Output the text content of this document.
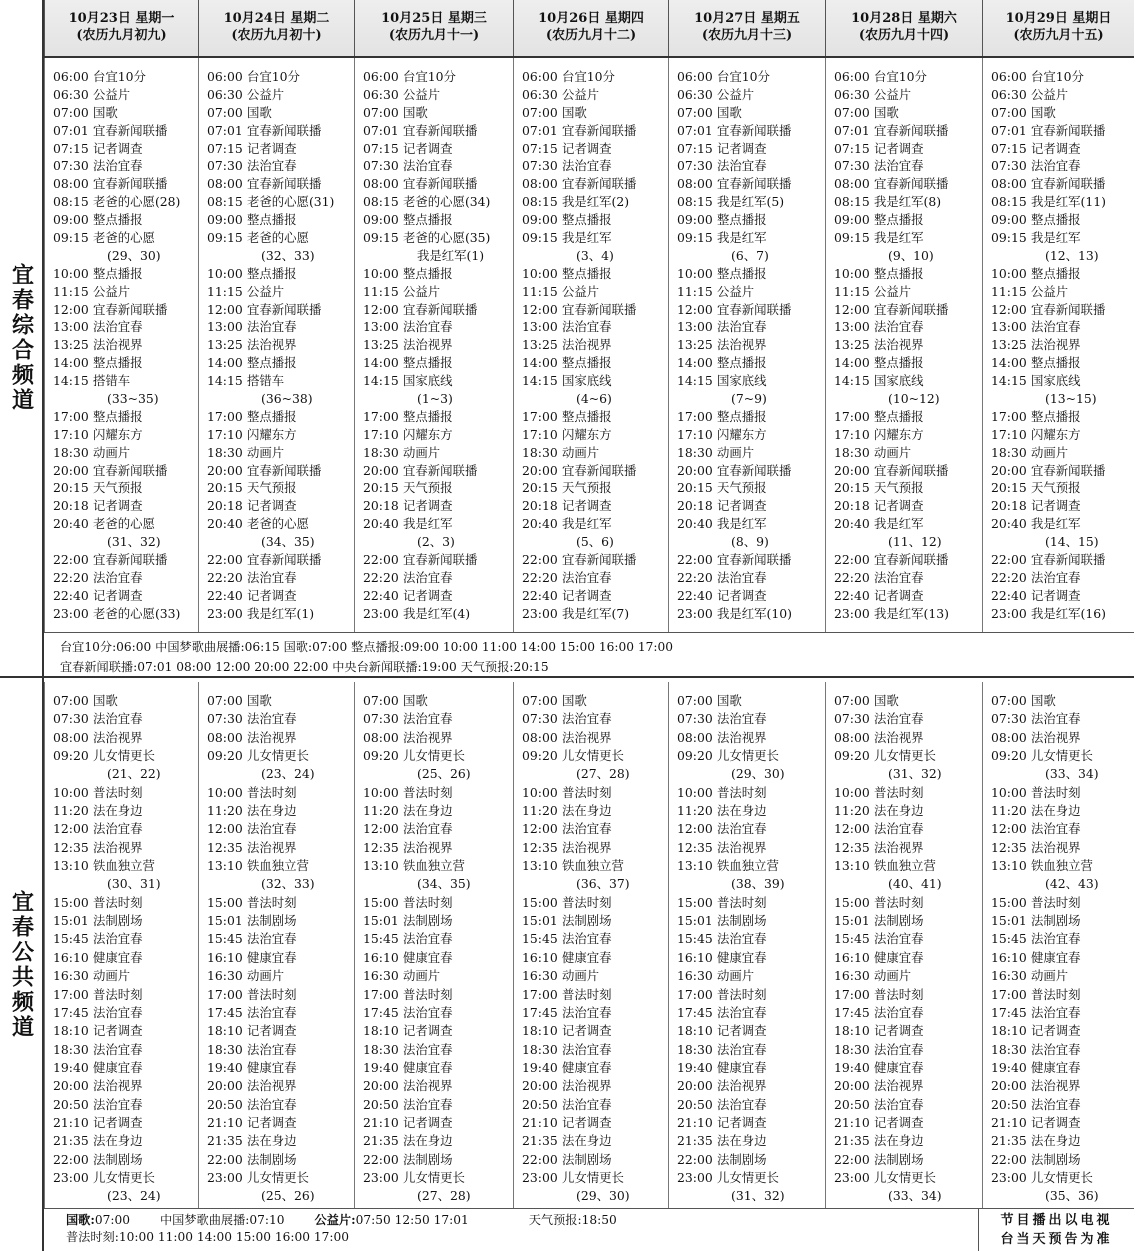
10月23日 星期一
(农历九月初九)
10月24日 星期二
(农历九月初十)
10月25日 星期三
(农历九月十一)
10月26日 星期四
(农历九月十二)
10月27日 星期五
(农历九月十三)
10月28日 星期六
(农历九月十四)
10月29日 星期日
(农历九月十五)
宜春综合频道
宜春公共频道
06:00 台宜10分
06:30 公益片
07:00 国歌
07:01 宜春新闻联播
07:15 记者调查
07:30 法治宜春
08:00 宜春新闻联播
08:15 老爸的心愿(28)
09:00 整点播报
09:15 老爸的心愿
(29、30)
10:00 整点播报
11:15 公益片
12:00 宜春新闻联播
13:00 法治宜春
13:25 法治视界
14:00 整点播报
14:15 搭错车
(33~35)
17:00 整点播报
17:10 闪耀东方
18:30 动画片
20:00 宜春新闻联播
20:15 天气预报
20:18 记者调查
20:40 老爸的心愿
(31、32)
22:00 宜春新闻联播
22:20 法治宜春
22:40 记者调查
23:00 老爸的心愿(33)
06:00 台宜10分
06:30 公益片
07:00 国歌
07:01 宜春新闻联播
07:15 记者调查
07:30 法治宜春
08:00 宜春新闻联播
08:15 老爸的心愿(31)
09:00 整点播报
09:15 老爸的心愿
(32、33)
10:00 整点播报
11:15 公益片
12:00 宜春新闻联播
13:00 法治宜春
13:25 法治视界
14:00 整点播报
14:15 搭错车
(36~38)
17:00 整点播报
17:10 闪耀东方
18:30 动画片
20:00 宜春新闻联播
20:15 天气预报
20:18 记者调查
20:40 老爸的心愿
(34、35)
22:00 宜春新闻联播
22:20 法治宜春
22:40 记者调查
23:00 我是红军(1)
06:00 台宜10分
06:30 公益片
07:00 国歌
07:01 宜春新闻联播
07:15 记者调查
07:30 法治宜春
08:00 宜春新闻联播
08:15 老爸的心愿(34)
09:00 整点播报
09:15 老爸的心愿(35)
我是红军(1)
10:00 整点播报
11:15 公益片
12:00 宜春新闻联播
13:00 法治宜春
13:25 法治视界
14:00 整点播报
14:15 国家底线
(1~3)
17:00 整点播报
17:10 闪耀东方
18:30 动画片
20:00 宜春新闻联播
20:15 天气预报
20:18 记者调查
20:40 我是红军
(2、3)
22:00 宜春新闻联播
22:20 法治宜春
22:40 记者调查
23:00 我是红军(4)
06:00 台宜10分
06:30 公益片
07:00 国歌
07:01 宜春新闻联播
07:15 记者调查
07:30 法治宜春
08:00 宜春新闻联播
08:15 我是红军(2)
09:00 整点播报
09:15 我是红军
(3、4)
10:00 整点播报
11:15 公益片
12:00 宜春新闻联播
13:00 法治宜春
13:25 法治视界
14:00 整点播报
14:15 国家底线
(4~6)
17:00 整点播报
17:10 闪耀东方
18:30 动画片
20:00 宜春新闻联播
20:15 天气预报
20:18 记者调查
20:40 我是红军
(5、6)
22:00 宜春新闻联播
22:20 法治宜春
22:40 记者调查
23:00 我是红军(7)
06:00 台宜10分
06:30 公益片
07:00 国歌
07:01 宜春新闻联播
07:15 记者调查
07:30 法治宜春
08:00 宜春新闻联播
08:15 我是红军(5)
09:00 整点播报
09:15 我是红军
(6、7)
10:00 整点播报
11:15 公益片
12:00 宜春新闻联播
13:00 法治宜春
13:25 法治视界
14:00 整点播报
14:15 国家底线
(7~9)
17:00 整点播报
17:10 闪耀东方
18:30 动画片
20:00 宜春新闻联播
20:15 天气预报
20:18 记者调查
20:40 我是红军
(8、9)
22:00 宜春新闻联播
22:20 法治宜春
22:40 记者调查
23:00 我是红军(10)
06:00 台宜10分
06:30 公益片
07:00 国歌
07:01 宜春新闻联播
07:15 记者调查
07:30 法治宜春
08:00 宜春新闻联播
08:15 我是红军(8)
09:00 整点播报
09:15 我是红军
(9、10)
10:00 整点播报
11:15 公益片
12:00 宜春新闻联播
13:00 法治宜春
13:25 法治视界
14:00 整点播报
14:15 国家底线
(10~12)
17:00 整点播报
17:10 闪耀东方
18:30 动画片
20:00 宜春新闻联播
20:15 天气预报
20:18 记者调查
20:40 我是红军
(11、12)
22:00 宜春新闻联播
22:20 法治宜春
22:40 记者调查
23:00 我是红军(13)
06:00 台宜10分
06:30 公益片
07:00 国歌
07:01 宜春新闻联播
07:15 记者调查
07:30 法治宜春
08:00 宜春新闻联播
08:15 我是红军(11)
09:00 整点播报
09:15 我是红军
(12、13)
10:00 整点播报
11:15 公益片
12:00 宜春新闻联播
13:00 法治宜春
13:25 法治视界
14:00 整点播报
14:15 国家底线
(13~15)
17:00 整点播报
17:10 闪耀东方
18:30 动画片
20:00 宜春新闻联播
20:15 天气预报
20:18 记者调查
20:40 我是红军
(14、15)
22:00 宜春新闻联播
22:20 法治宜春
22:40 记者调查
23:00 我是红军(16)
台宜10分:06:00 中国梦歌曲展播:06:15 国歌:07:00 整点播报:09:00 10:00 11:00 14:00 15:00 16:00 17:00
宜春新闻联播:07:01 08:00 12:00 20:00 22:00 中央台新闻联播:19:00 天气预报:20:15
07:00 国歌
07:30 法治宜春
08:00 法治视界
09:20 儿女情更长
(21、22)
10:00 普法时刻
11:20 法在身边
12:00 法治宜春
12:35 法治视界
13:10 铁血独立营
(30、31)
15:00 普法时刻
15:01 法制剧场
15:45 法治宜春
16:10 健康宜春
16:30 动画片
17:00 普法时刻
17:45 法治宜春
18:10 记者调查
18:30 法治宜春
19:40 健康宜春
20:00 法治视界
20:50 法治宜春
21:10 记者调查
21:35 法在身边
22:00 法制剧场
23:00 儿女情更长
(23、24)
07:00 国歌
07:30 法治宜春
08:00 法治视界
09:20 儿女情更长
(23、24)
10:00 普法时刻
11:20 法在身边
12:00 法治宜春
12:35 法治视界
13:10 铁血独立营
(32、33)
15:00 普法时刻
15:01 法制剧场
15:45 法治宜春
16:10 健康宜春
16:30 动画片
17:00 普法时刻
17:45 法治宜春
18:10 记者调查
18:30 法治宜春
19:40 健康宜春
20:00 法治视界
20:50 法治宜春
21:10 记者调查
21:35 法在身边
22:00 法制剧场
23:00 儿女情更长
(25、26)
07:00 国歌
07:30 法治宜春
08:00 法治视界
09:20 儿女情更长
(25、26)
10:00 普法时刻
11:20 法在身边
12:00 法治宜春
12:35 法治视界
13:10 铁血独立营
(34、35)
15:00 普法时刻
15:01 法制剧场
15:45 法治宜春
16:10 健康宜春
16:30 动画片
17:00 普法时刻
17:45 法治宜春
18:10 记者调查
18:30 法治宜春
19:40 健康宜春
20:00 法治视界
20:50 法治宜春
21:10 记者调查
21:35 法在身边
22:00 法制剧场
23:00 儿女情更长
(27、28)
07:00 国歌
07:30 法治宜春
08:00 法治视界
09:20 儿女情更长
(27、28)
10:00 普法时刻
11:20 法在身边
12:00 法治宜春
12:35 法治视界
13:10 铁血独立营
(36、37)
15:00 普法时刻
15:01 法制剧场
15:45 法治宜春
16:10 健康宜春
16:30 动画片
17:00 普法时刻
17:45 法治宜春
18:10 记者调查
18:30 法治宜春
19:40 健康宜春
20:00 法治视界
20:50 法治宜春
21:10 记者调查
21:35 法在身边
22:00 法制剧场
23:00 儿女情更长
(29、30)
07:00 国歌
07:30 法治宜春
08:00 法治视界
09:20 儿女情更长
(29、30)
10:00 普法时刻
11:20 法在身边
12:00 法治宜春
12:35 法治视界
13:10 铁血独立营
(38、39)
15:00 普法时刻
15:01 法制剧场
15:45 法治宜春
16:10 健康宜春
16:30 动画片
17:00 普法时刻
17:45 法治宜春
18:10 记者调查
18:30 法治宜春
19:40 健康宜春
20:00 法治视界
20:50 法治宜春
21:10 记者调查
21:35 法在身边
22:00 法制剧场
23:00 儿女情更长
(31、32)
07:00 国歌
07:30 法治宜春
08:00 法治视界
09:20 儿女情更长
(31、32)
10:00 普法时刻
11:20 法在身边
12:00 法治宜春
12:35 法治视界
13:10 铁血独立营
(40、41)
15:00 普法时刻
15:01 法制剧场
15:45 法治宜春
16:10 健康宜春
16:30 动画片
17:00 普法时刻
17:45 法治宜春
18:10 记者调查
18:30 法治宜春
19:40 健康宜春
20:00 法治视界
20:50 法治宜春
21:10 记者调查
21:35 法在身边
22:00 法制剧场
23:00 儿女情更长
(33、34)
07:00 国歌
07:30 法治宜春
08:00 法治视界
09:20 儿女情更长
(33、34)
10:00 普法时刻
11:20 法在身边
12:00 法治宜春
12:35 法治视界
13:10 铁血独立营
(42、43)
15:00 普法时刻
15:01 法制剧场
15:45 法治宜春
16:10 健康宜春
16:30 动画片
17:00 普法时刻
17:45 法治宜春
18:10 记者调查
18:30 法治宜春
19:40 健康宜春
20:00 法治视界
20:50 法治宜春
21:10 记者调查
21:35 法在身边
22:00 法制剧场
23:00 儿女情更长
(35、36)
国歌:07:00 中国梦歌曲展播:07:10 公益片:07:50 12:50 17:01	天气预报:18:50
普法时刻:10:00 11:00 14:00 15:00 16:00 17:00
节目播出以电视
台当天预告为准
